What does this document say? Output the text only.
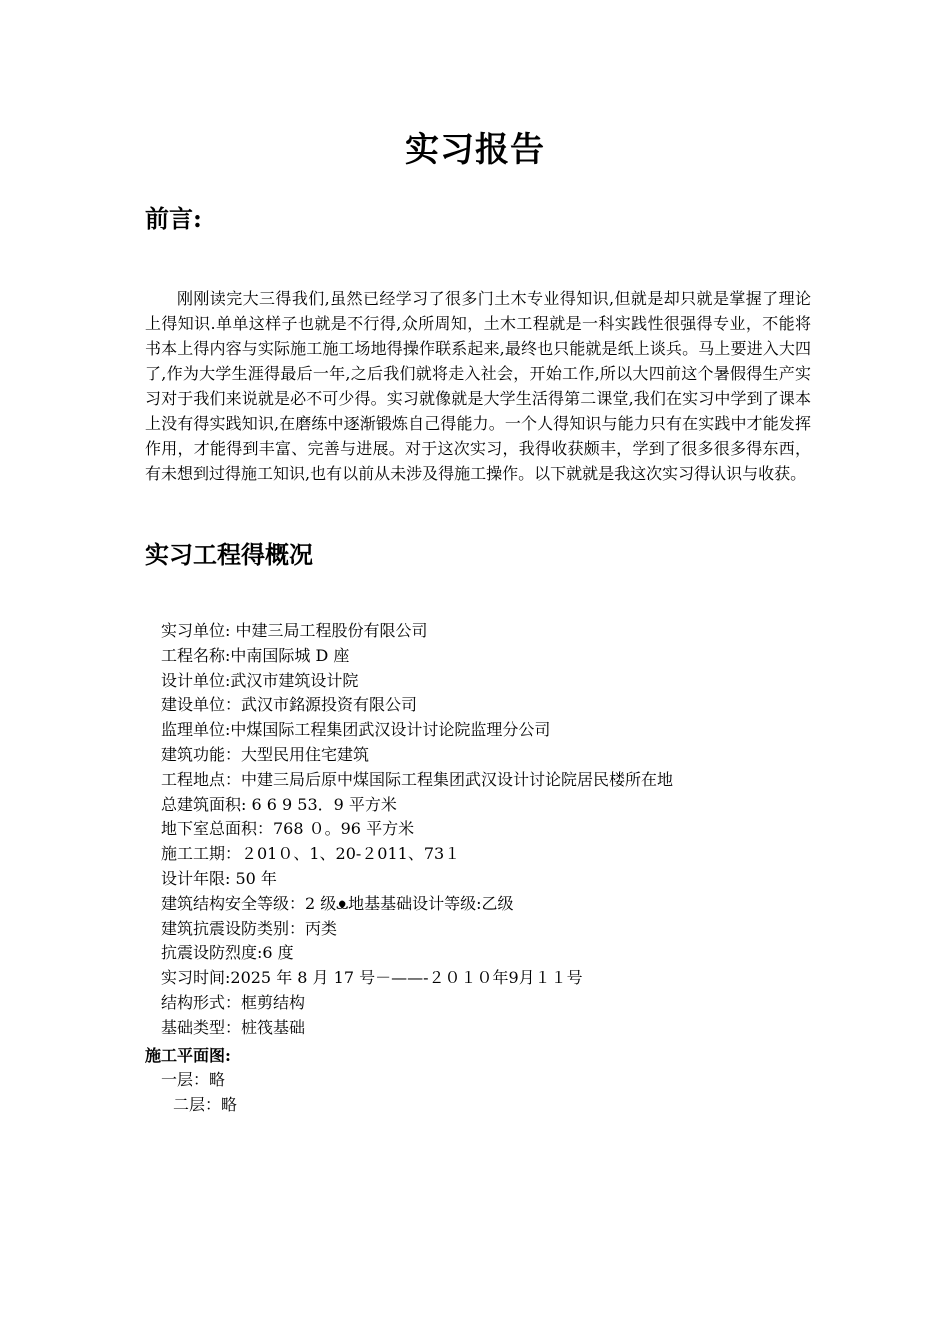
实习报告
前言:

刚刚读完大三得我们,虽然已经学习了很多门土木专业得知识,但就是却只就是掌握了理论上得知识.单单这样子也就是不行得,众所周知，土木工程就是一科实践性很强得专业，不能将书本上得内容与实际施工施工场地得操作联系起来,最终也只能就是纸上谈兵。马上要进入大四了,作为大学生涯得最后一年,之后我们就将走入社会，开始工作,所以大四前这个暑假得生产实习对于我们来说就是必不可少得。实习就像就是大学生活得第二课堂,我们在实习中学到了课本上没有得实践知识,在磨练中逐渐锻炼自己得能力。一个人得知识与能力只有在实践中才能发挥作用，才能得到丰富、完善与进展。对于这次实习，我得收获颇丰，学到了很多很多得东西，有未想到过得施工知识,也有以前从未涉及得施工操作。以下就就是我这次实习得认识与收获。

实习工程得概况
实习单位: 中建三局工程股份有限公司
工程名称:中南国际城 D 座
设计单位:武汉市建筑设计院
建设单位：武汉市銘源投资有限公司
监理单位:中煤国际工程集团武汉设计讨论院监理分公司
建筑功能：大型民用住宅建筑
工程地点：中建三局后原中煤国际工程集团武汉设计讨论院居民楼所在地
总建筑面积: 6 6 9 53．9 平方米
地下室总面积：768 ０。96 平方米
施工工期：２01０、1、20-２011、73１
设计年限: 50 年
建筑结构安全等级：2 级ᴥ地基基础设计等级:乙级
建筑抗震设防类别：丙类
抗震设防烈度:6 度
实习时间:2025 年 8 月 17 号－——-２０１０年9月１１号
结构形式：框剪结构
基础类型：桩筏基础
施工平面图:
一层：略
二层：略
